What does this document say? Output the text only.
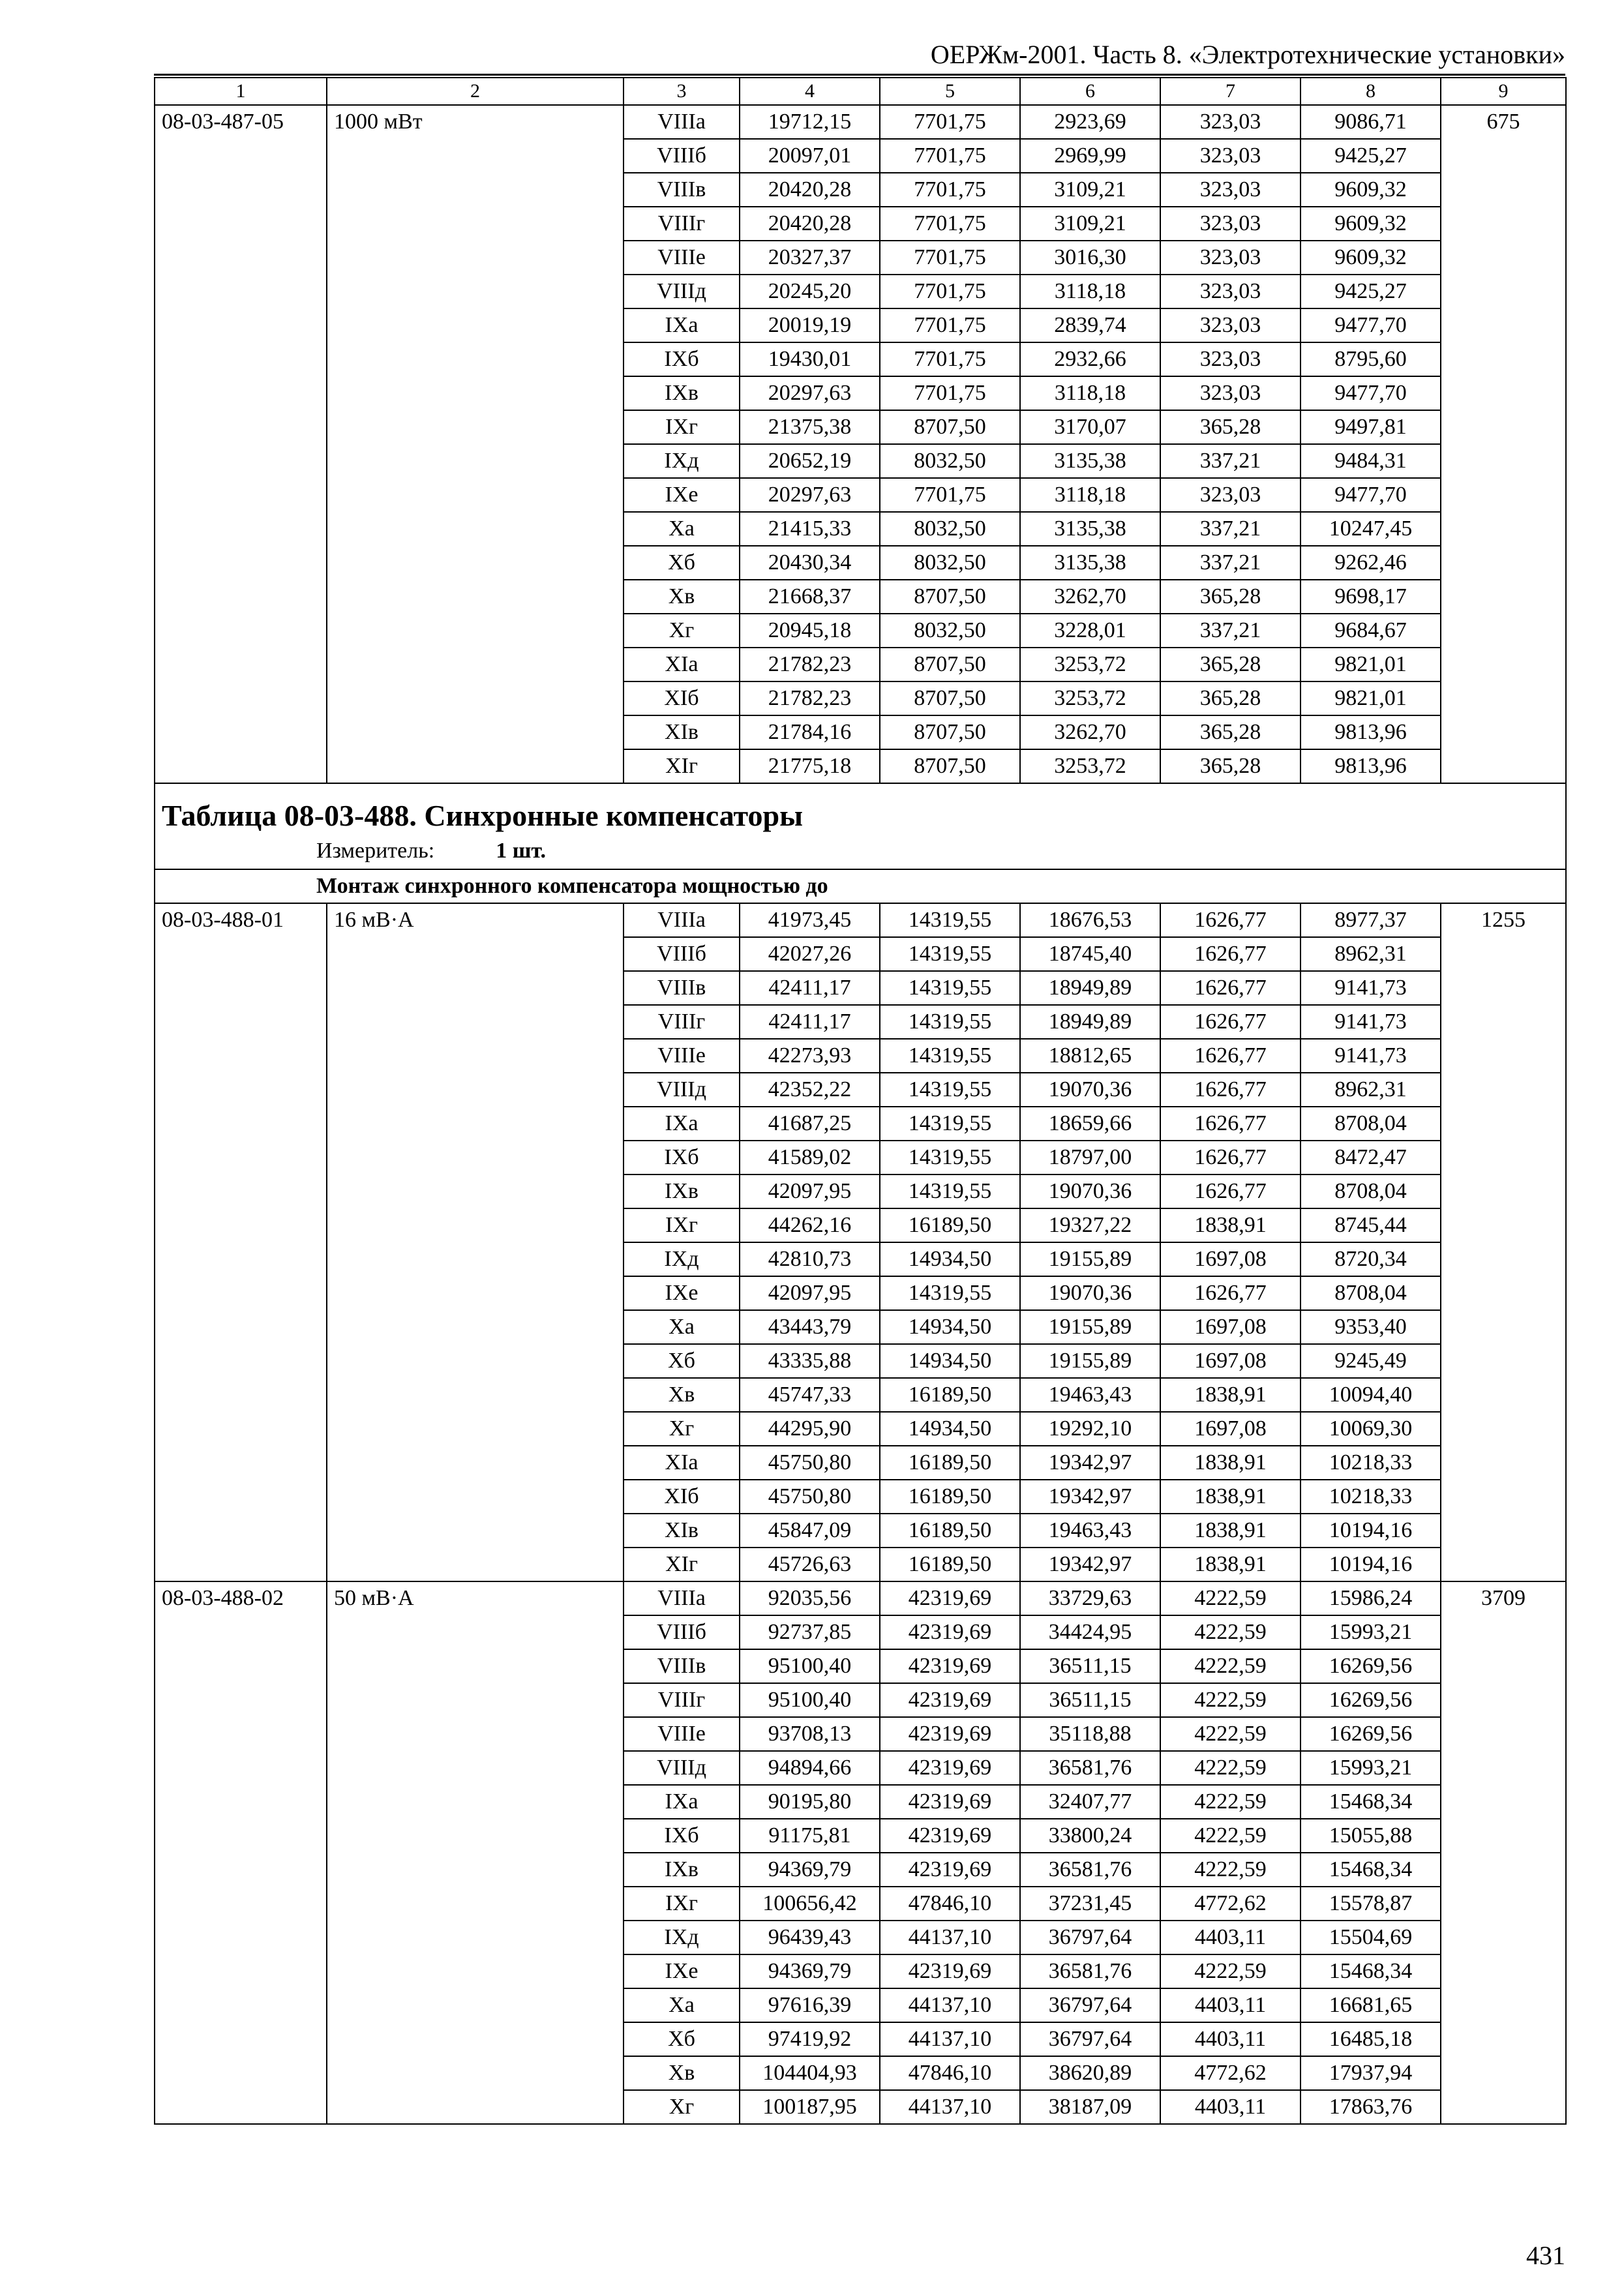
ОЕРЖм-2001. Часть 8. «Электротехнические установки»
1	2	3	4	5	6	7	8	9
08-03-487-05	1000 мВт	VIIIа	19712,15	7701,75	2923,69	323,03	9086,71	675
		VIIIб	20097,01	7701,75	2969,99	323,03	9425,27	
		VIIIв	20420,28	7701,75	3109,21	323,03	9609,32	
		VIIIг	20420,28	7701,75	3109,21	323,03	9609,32	
		VIIIе	20327,37	7701,75	3016,30	323,03	9609,32	
		VIIIд	20245,20	7701,75	3118,18	323,03	9425,27	
		IXа	20019,19	7701,75	2839,74	323,03	9477,70	
		IXб	19430,01	7701,75	2932,66	323,03	8795,60	
		IXв	20297,63	7701,75	3118,18	323,03	9477,70	
		IXг	21375,38	8707,50	3170,07	365,28	9497,81	
		IXд	20652,19	8032,50	3135,38	337,21	9484,31	
		IXе	20297,63	7701,75	3118,18	323,03	9477,70	
		Xа	21415,33	8032,50	3135,38	337,21	10247,45	
		Xб	20430,34	8032,50	3135,38	337,21	9262,46	
		Xв	21668,37	8707,50	3262,70	365,28	9698,17	
		Xг	20945,18	8032,50	3228,01	337,21	9684,67	
		XIа	21782,23	8707,50	3253,72	365,28	9821,01	
		XIб	21782,23	8707,50	3253,72	365,28	9821,01	
		XIв	21784,16	8707,50	3262,70	365,28	9813,96	
		XIг	21775,18	8707,50	3253,72	365,28	9813,96	
Таблица 08-03-488. Синхронные компенсаторы								
Измеритель: 1 шт.								
Монтаж синхронного компенсатора мощностью до								
08-03-488-01	16 мВ·А	VIIIа	41973,45	14319,55	18676,53	1626,77	8977,37	1255
		VIIIб	42027,26	14319,55	18745,40	1626,77	8962,31	
		VIIIв	42411,17	14319,55	18949,89	1626,77	9141,73	
		VIIIг	42411,17	14319,55	18949,89	1626,77	9141,73	
		VIIIе	42273,93	14319,55	18812,65	1626,77	9141,73	
		VIIIд	42352,22	14319,55	19070,36	1626,77	8962,31	
		IXа	41687,25	14319,55	18659,66	1626,77	8708,04	
		IXб	41589,02	14319,55	18797,00	1626,77	8472,47	
		IXв	42097,95	14319,55	19070,36	1626,77	8708,04	
		IXг	44262,16	16189,50	19327,22	1838,91	8745,44	
		IXд	42810,73	14934,50	19155,89	1697,08	8720,34	
		IXе	42097,95	14319,55	19070,36	1626,77	8708,04	
		Xа	43443,79	14934,50	19155,89	1697,08	9353,40	
		Xб	43335,88	14934,50	19155,89	1697,08	9245,49	
		Xв	45747,33	16189,50	19463,43	1838,91	10094,40	
		Xг	44295,90	14934,50	19292,10	1697,08	10069,30	
		XIа	45750,80	16189,50	19342,97	1838,91	10218,33	
		XIб	45750,80	16189,50	19342,97	1838,91	10218,33	
		XIв	45847,09	16189,50	19463,43	1838,91	10194,16	
		XIг	45726,63	16189,50	19342,97	1838,91	10194,16	
08-03-488-02	50 мВ·А	VIIIа	92035,56	42319,69	33729,63	4222,59	15986,24	3709
		VIIIб	92737,85	42319,69	34424,95	4222,59	15993,21	
		VIIIв	95100,40	42319,69	36511,15	4222,59	16269,56	
		VIIIг	95100,40	42319,69	36511,15	4222,59	16269,56	
		VIIIе	93708,13	42319,69	35118,88	4222,59	16269,56	
		VIIIд	94894,66	42319,69	36581,76	4222,59	15993,21	
		IXа	90195,80	42319,69	32407,77	4222,59	15468,34	
		IXб	91175,81	42319,69	33800,24	4222,59	15055,88	
		IXв	94369,79	42319,69	36581,76	4222,59	15468,34	
		IXг	100656,42	47846,10	37231,45	4772,62	15578,87	
		IXд	96439,43	44137,10	36797,64	4403,11	15504,69	
		IXе	94369,79	42319,69	36581,76	4222,59	15468,34	
		Xа	97616,39	44137,10	36797,64	4403,11	16681,65	
		Xб	97419,92	44137,10	36797,64	4403,11	16485,18	
		Xв	104404,93	47846,10	38620,89	4772,62	17937,94	
		Xг	100187,95	44137,10	38187,09	4403,11	17863,76	
431
